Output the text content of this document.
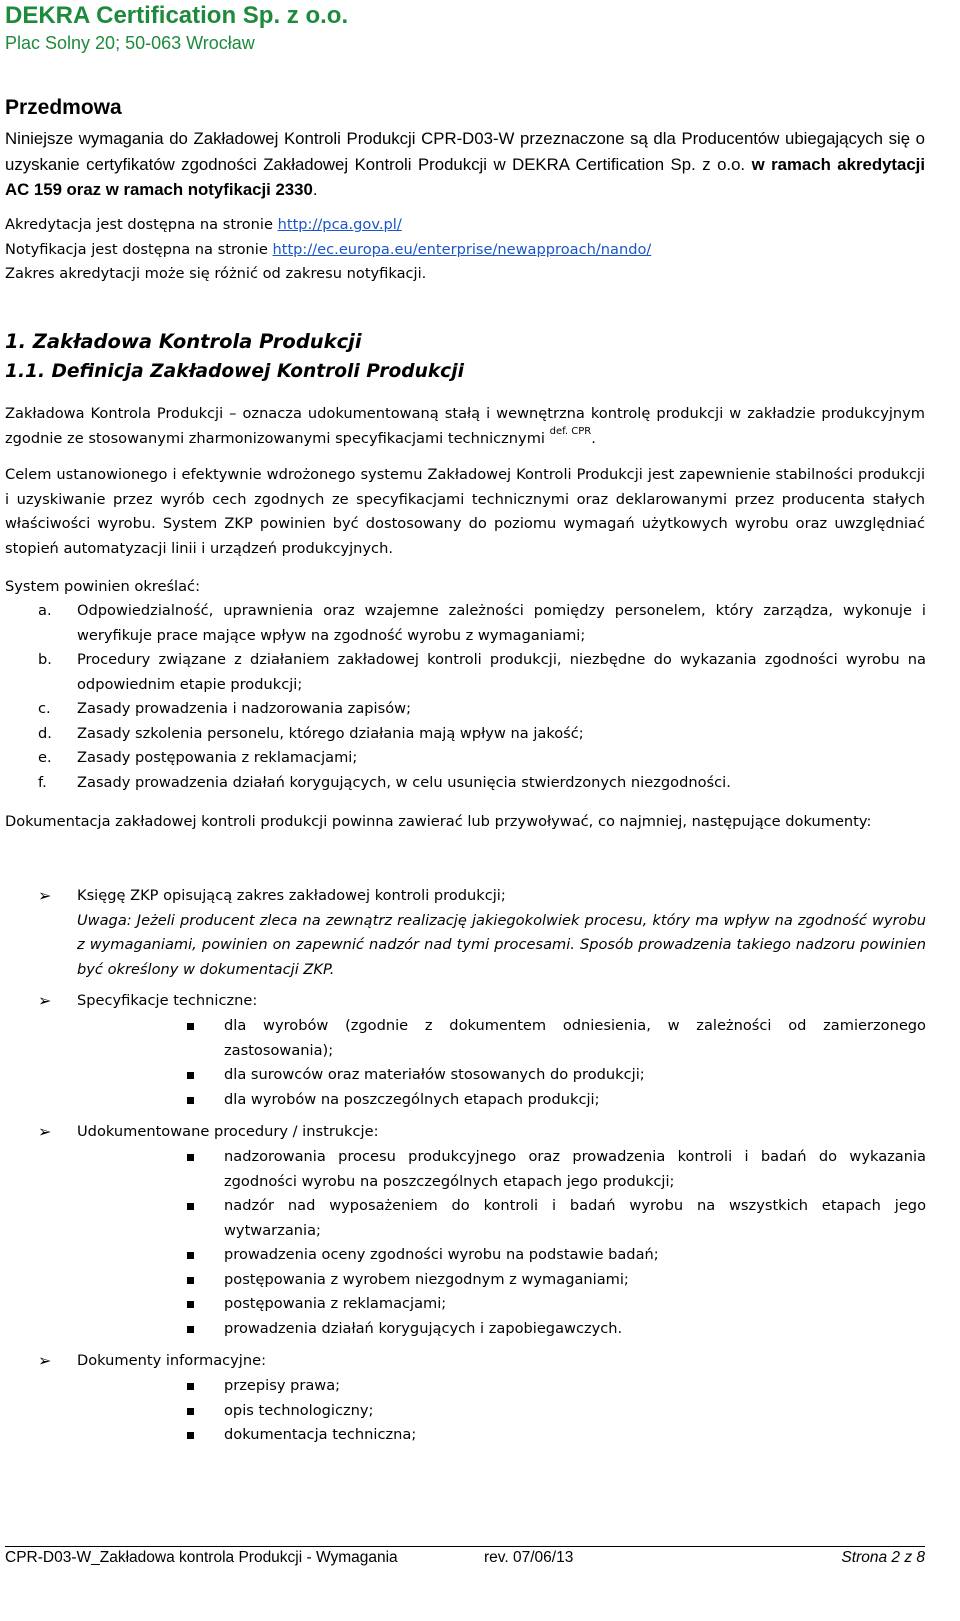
DEKRA Certification Sp. z o.o.
Plac Solny 20; 50-063 Wrocław
Przedmowa
Niniejsze wymagania do Zakładowej Kontroli Produkcji CPR-D03-W przeznaczone są dla Producentów ubiegających się o uzyskanie certyfikatów zgodności Zakładowej Kontroli Produkcji w DEKRA Certification Sp. z o.o. w ramach akredytacji AC 159 oraz w ramach notyfikacji 2330.
Akredytacja jest dostępna na stronie http://pca.gov.pl/
Notyfikacja jest dostępna na stronie http://ec.europa.eu/enterprise/newapproach/nando/
Zakres akredytacji może się różnić od zakresu notyfikacji.
1. Zakładowa Kontrola Produkcji
1.1. Definicja Zakładowej Kontroli Produkcji
Zakładowa Kontrola Produkcji – oznacza udokumentowaną stałą i wewnętrzna kontrolę produkcji w zakładzie produkcyjnym zgodnie ze stosowanymi zharmonizowanymi specyfikacjami technicznymi $^{def. CPR}$.
Celem ustanowionego i efektywnie wdrożonego systemu Zakładowej Kontroli Produkcji jest zapewnienie stabilności produkcji i uzyskiwanie przez wyrób cech zgodnych ze specyfikacjami technicznymi oraz deklarowanymi przez producenta stałych właściwości wyrobu. System ZKP powinien być dostosowany do poziomu wymagań użytkowych wyrobu oraz uwzględniać stopień automatyzacji linii i urządzeń produkcyjnych.
System powinien określać:
a. Odpowiedzialność, uprawnienia oraz wzajemne zależności pomiędzy personelem, który zarządza, wykonuje i weryfikuje prace mające wpływ na zgodność wyrobu z wymaganiami;
b. Procedury związane z działaniem zakładowej kontroli produkcji, niezbędne do wykazania zgodności wyrobu na odpowiednim etapie produkcji;
c. Zasady prowadzenia i nadzorowania zapisów;
d. Zasady szkolenia personelu, którego działania mają wpływ na jakość;
e. Zasady postępowania z reklamacjami;
f. Zasady prowadzenia działań korygujących, w celu usunięcia stwierdzonych niezgodności.
Dokumentacja zakładowej kontroli produkcji powinna zawierać lub przywoływać, co najmniej, następujące dokumenty:
➢ Księgę ZKP opisującą zakres zakładowej kontroli produkcji;
Uwaga: Jeżeli producent zleca na zewnątrz realizację jakiegokolwiek procesu, który ma wpływ na zgodność wyrobu z wymaganiami, powinien on zapewnić nadzór nad tymi procesami. Sposób prowadzenia takiego nadzoru powinien być określony w dokumentacji ZKP.
➢ Specyfikacje techniczne:
dla wyrobów (zgodnie z dokumentem odniesienia, w zależności od zamierzonego zastosowania);
dla surowców oraz materiałów stosowanych do produkcji;
dla wyrobów na poszczególnych etapach produkcji;
➢ Udokumentowane procedury / instrukcje:
nadzorowania procesu produkcyjnego oraz prowadzenia kontroli i badań do wykazania zgodności wyrobu na poszczególnych etapach jego produkcji;
nadzór nad wyposażeniem do kontroli i badań wyrobu na wszystkich etapach jego wytwarzania;
prowadzenia oceny zgodności wyrobu na podstawie badań;
postępowania z wyrobem niezgodnym z wymaganiami;
postępowania z reklamacjami;
prowadzenia działań korygujących i zapobiegawczych.
➢ Dokumenty informacyjne:
przepisy prawa;
opis technologiczny;
dokumentacja techniczna;
CPR-D03-W_Zakładowa kontrola Produkcji - Wymagania	rev. 07/06/13	Strona 2 z 8
